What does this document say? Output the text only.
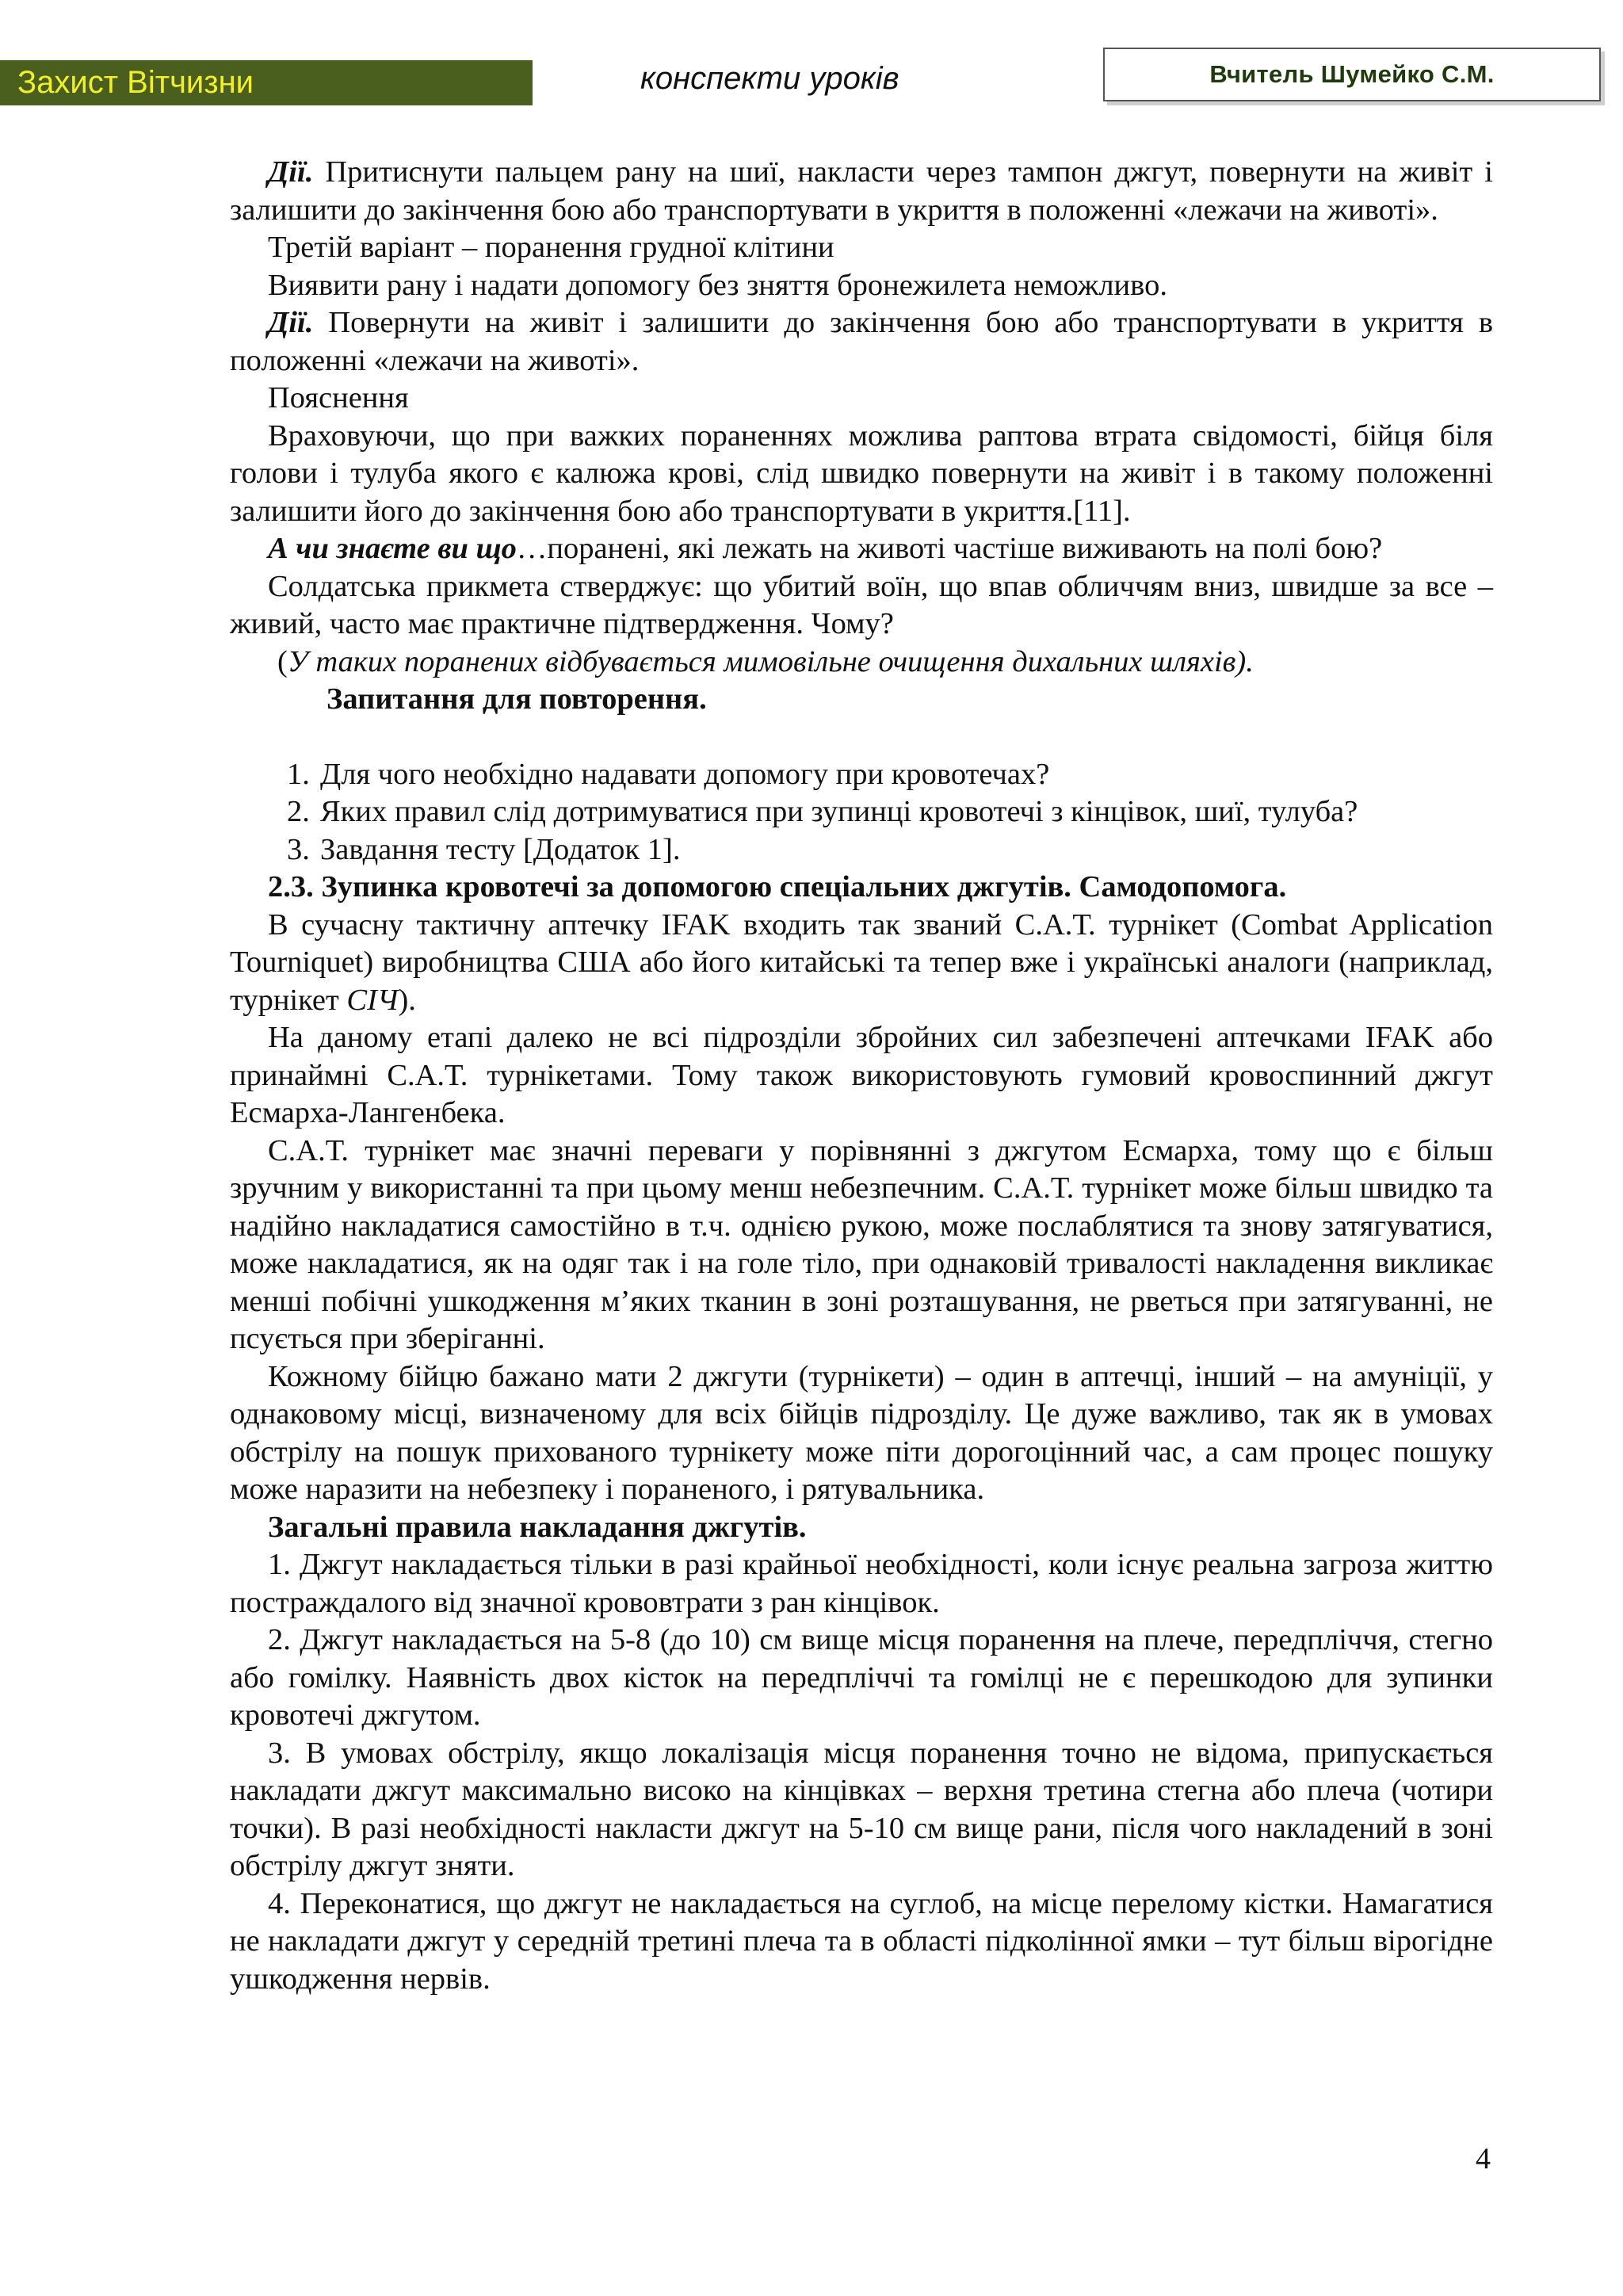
Захист Вітчизни	конспекти уроків	Вчитель Шумейко С.М.

Дії. Притиснути пальцем рану на шиї, накласти через тампон джгут, повернути на живіт і залишити до закінчення бою або транспортувати в укриття в положенні «лежачи на животі».

Третій варіант – поранення грудної клітини

Виявити рану і надати допомогу без зняття бронежилета неможливо.

Дії. Повернути на живіт і залишити до закінчення бою або транспортувати в укриття в положенні «лежачи на животі».

Пояснення

Враховуючи, що при важких пораненнях можлива раптова втрата свідомості, бійця біля голови і тулуба якого є калюжа крові, слід швидко повернути на живіт і в такому положенні залишити його до закінчення бою або транспортувати в укриття.[11].

А чи знаєте ви що…поранені, які лежать на животі частіше виживають на полі бою?

Солдатська прикмета стверджує: що убитий воїн, що впав обличчям вниз, швидше за все – живий, часто має практичне підтвердження. Чому?

(У таких поранених відбувається мимовільне очищення дихальних шляхів).

Запитання для повторення.

1. Для чого необхідно надавати допомогу при кровотечах?

2. Яких правил слід дотримуватися при зупинці кровотечі з кінцівок, шиї, тулуба?

3. Завдання тесту [Додаток 1].

2.3. Зупинка кровотечі за допомогою спеціальних джгутів. Самодопомога.

В сучасну тактичну аптечку IFAK входить так званий С.А.Т. турнікет (Combat Application Tourniquet) виробництва США або його китайські та тепер вже і українські аналоги (наприклад, турнікет СІЧ).

На даному етапі далеко не всі підрозділи збройних сил забезпечені аптечками IFAK або принаймні С.А.Т. турнікетами. Тому також використовують гумовий кровоспинний джгут Есмарха-Лангенбека.

С.А.Т. турнікет має значні переваги у порівнянні з джгутом Есмарха, тому що є більш зручним у використанні та при цьому менш небезпечним. С.А.Т. турнікет може більш швидко та надійно накладатися самостійно в т.ч. однією рукою, може послаблятися та знову затягуватися, може накладатися, як на одяг так і на голе тіло, при однаковій тривалості накладення викликає менші побічні ушкодження м’яких тканин в зоні розташування, не рветься при затягуванні, не псується при зберіганні.

Кожному бійцю бажано мати 2 джгути (турнікети) – один в аптечці, інший – на амуніції, у однаковому місці, визначеному для всіх бійців підрозділу. Це дуже важливо, так як в умовах обстрілу на пошук прихованого турнікету може піти дорогоцінний час, а сам процес пошуку може наразити на небезпеку і пораненого, і рятувальника.

Загальні правила накладання джгутів.

1. Джгут накладається тільки в разі крайньої необхідності, коли існує реальна загроза життю постраждалого від значної крововтрати з ран кінцівок.

2. Джгут накладається на 5-8 (до 10) см вище місця поранення на плече, передпліччя, стегно або гомілку. Наявність двох кісток на передпліччі та гомілці не є перешкодою для зупинки кровотечі джгутом.

3. В умовах обстрілу, якщо локалізація місця поранення точно не відома, припускається накладати джгут максимально високо на кінцівках – верхня третина стегна або плеча (чотири точки). В разі необхідності накласти джгут на 5-10 см вище рани, після чого накладений в зоні обстрілу джгут зняти.

4. Переконатися, що джгут не накладається на суглоб, на місце перелому кістки. Намагатися не накладати джгут у середній третині плеча та в області підколінної ямки – тут більш вірогідне ушкодження нервів.

4
